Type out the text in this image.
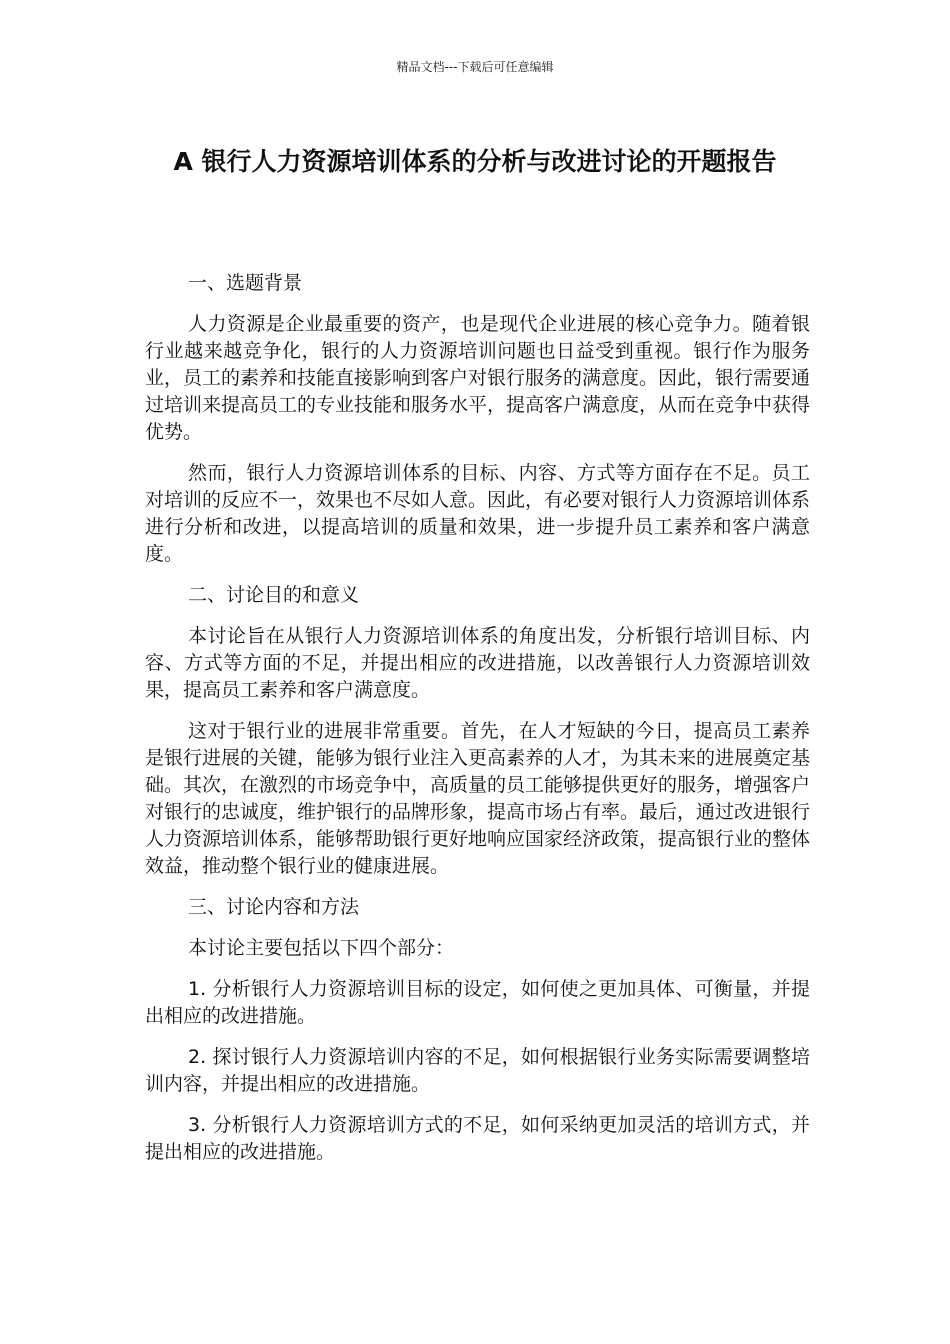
精品文档---下载后可任意编辑
A 银行人力资源培训体系的分析与改进讨论的开题报告

一、选题背景

人力资源是企业最重要的资产，也是现代企业进展的核心竞争力。随着银行业越来越竞争化，银行的人力资源培训问题也日益受到重视。银行作为服务业，员工的素养和技能直接影响到客户对银行服务的满意度。因此，银行需要通过培训来提高员工的专业技能和服务水平，提高客户满意度，从而在竞争中获得优势。

然而，银行人力资源培训体系的目标、内容、方式等方面存在不足。员工对培训的反应不一，效果也不尽如人意。因此，有必要对银行人力资源培训体系进行分析和改进，以提高培训的质量和效果，进一步提升员工素养和客户满意度。

二、讨论目的和意义

本讨论旨在从银行人力资源培训体系的角度出发，分析银行培训目标、内容、方式等方面的不足，并提出相应的改进措施，以改善银行人力资源培训效果，提高员工素养和客户满意度。

这对于银行业的进展非常重要。首先，在人才短缺的今日，提高员工素养是银行进展的关键，能够为银行业注入更高素养的人才，为其未来的进展奠定基础。其次，在激烈的市场竞争中，高质量的员工能够提供更好的服务，增强客户对银行的忠诚度，维护银行的品牌形象，提高市场占有率。最后，通过改进银行人力资源培训体系，能够帮助银行更好地响应国家经济政策，提高银行业的整体效益，推动整个银行业的健康进展。

三、讨论内容和方法

本讨论主要包括以下四个部分：

1. 分析银行人力资源培训目标的设定，如何使之更加具体、可衡量，并提出相应的改进措施。

2. 探讨银行人力资源培训内容的不足，如何根据银行业务实际需要调整培训内容，并提出相应的改进措施。

3. 分析银行人力资源培训方式的不足，如何采纳更加灵活的培训方式，并提出相应的改进措施。
